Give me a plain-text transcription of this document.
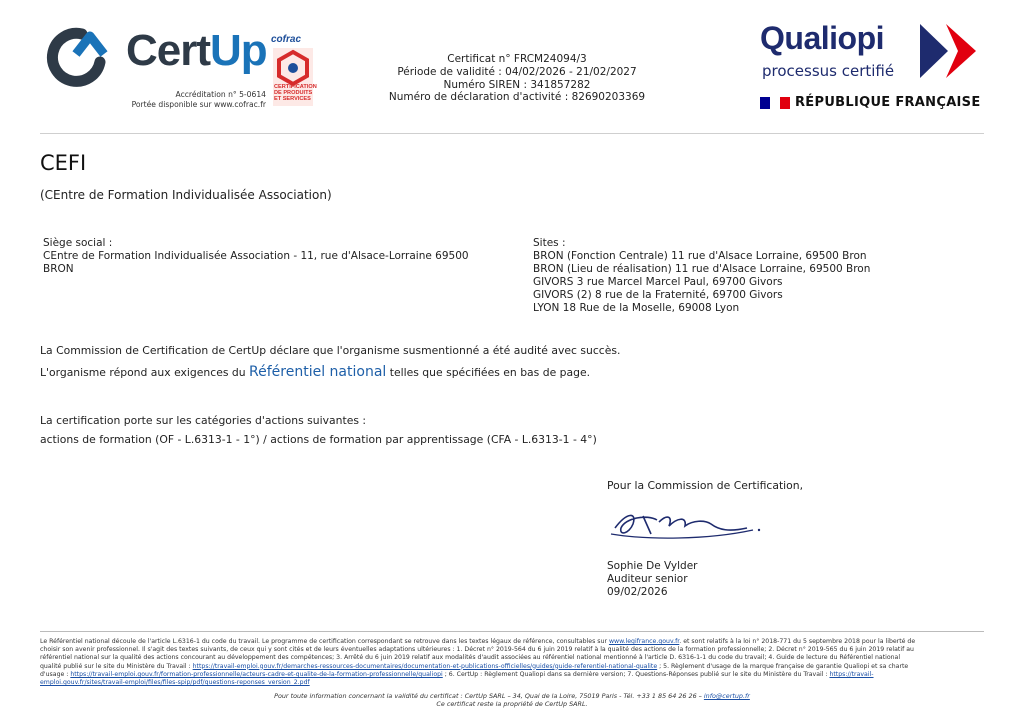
CertUp cofrac
CERTIFICATION
DE PRODUITS
ET SERVICES
Accréditation n° 5-0614
Portée disponible sur www.cofrac.fr
Certificat n° FRCM24094/3
Période de validité : 04/02/2026 - 21/02/2027
Numéro SIREN : 341857282
Numéro de déclaration d'activité : 82690203369
Qualiopi
processus certifié
RÉPUBLIQUE FRANÇAISE
CEFI
(CEntre de Formation Individualisée Association)
Siège social :
CEntre de Formation Individualisée Association - 11, rue d'Alsace-Lorraine 69500
BRON
Sites :
BRON (Fonction Centrale) 11 rue d'Alsace Lorraine, 69500 Bron
BRON (Lieu de réalisation) 11 rue d'Alsace Lorraine, 69500 Bron
GIVORS 3 rue Marcel Marcel Paul, 69700 Givors
GIVORS (2) 8 rue de la Fraternité, 69700 Givors
LYON 18 Rue de la Moselle, 69008 Lyon
La Commission de Certification de CertUp déclare que l'organisme susmentionné a été audité avec succès.
L'organisme répond aux exigences du Référentiel national telles que spécifiées en bas de page.
La certification porte sur les catégories d'actions suivantes :
actions de formation (OF - L.6313-1 - 1°) / actions de formation par apprentissage (CFA - L.6313-1 - 4°)
Pour la Commission de Certification,
Sophie De Vylder
Auditeur senior
09/02/2026
Le Référentiel national découle de l'article L.6316-1 du code du travail. Le programme de certification correspondant se retrouve dans les textes légaux de référence, consultables sur www.legifrance.gouv.fr. et sont relatifs à la loi n° 2018-771 du 5 septembre 2018 pour la liberté de
choisir son avenir professionnel. Il s'agit des textes suivants, de ceux qui y sont cités et de leurs éventuelles adaptations ultérieures : 1. Décret n° 2019-564 du 6 juin 2019 relatif à la qualité des actions de la formation professionnelle; 2. Décret n° 2019-565 du 6 juin 2019 relatif au
référentiel national sur la qualité des actions concourant au développement des compétences; 3. Arrêté du 6 juin 2019 relatif aux modalités d'audit associées au référentiel national mentionné à l'article D. 6316-1-1 du code du travail; 4. Guide de lecture du Référentiel national
qualité publié sur le site du Ministère du Travail : https://travail-emploi.gouv.fr/demarches-ressources-documentaires/documentation-et-publications-officielles/guides/guide-referentiel-national-qualite ; 5. Règlement d'usage de la marque française de garantie Qualiopi et sa charte
d'usage : https://travail-emploi.gouv.fr/formation-professionnelle/acteurs-cadre-et-qualite-de-la-formation-professionnelle/qualiopi ; 6. CertUp : Règlement Qualiopi dans sa dernière version; 7. Questions-Réponses publié sur le site du Ministère du Travail : https://travail-
emploi.gouv.fr/sites/travail-emploi/files/files-spip/pdf/questions-reponses_version_2.pdf
Pour toute information concernant la validité du certificat : CertUp SARL – 34, Quai de la Loire, 75019 Paris - Tél. +33 1 85 64 26 26 – info@certup.fr
Ce certificat reste la propriété de CertUp SARL.
